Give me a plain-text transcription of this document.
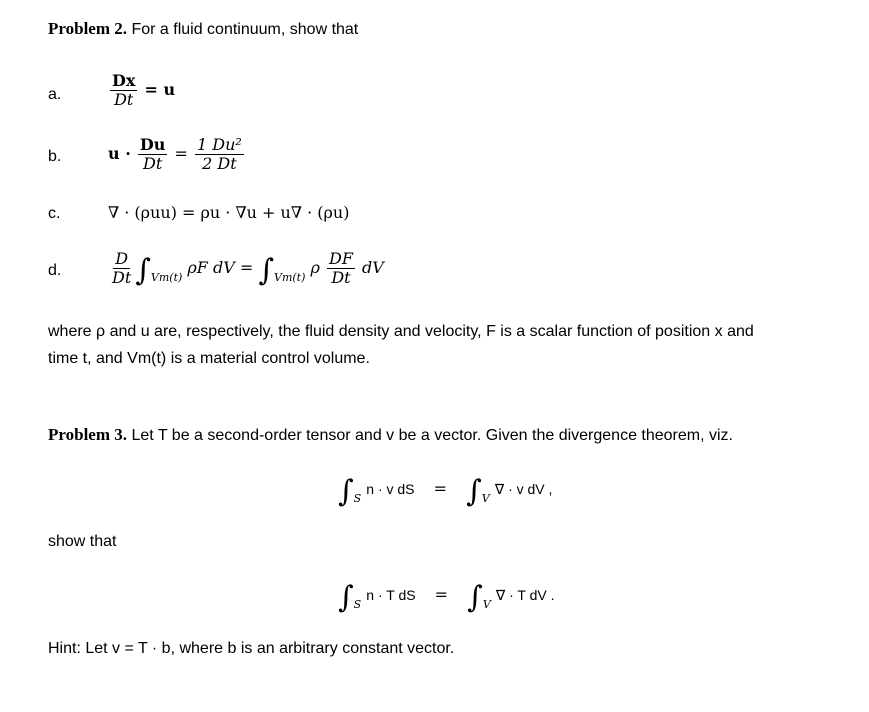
Problem 2. For a fluid continuum, show that
a.	$\frac{Dx}{Dt} = u$
b.	$u \cdot \frac{Du}{Dt} = \frac{\text{1 Du²}}{2 Dt}$
c.	∇ · (ρuu) = ρu · ∇u + u∇ · (ρu)
d.	$\frac{D}{Dt} \int_{Vm(t)}$ ρF dV = $\int_{Vm(t)}$ ρ $\frac{DF}{Dt}$ dV
where ρ and u are, respectively, the fluid density and velocity, F is a scalar function of position x and
time t, and Vm(t) is a material control volume.
Problem 3. Let T be a second-order tensor and v be a vector. Given the divergence theorem, viz.
$\int_S$ n · v dS = $\int_V$ ∇ · v dV ,
show that
$\int_S$ n · T dS = $\int_V$ ∇ · T dV .
Hint: Let v = T · b, where b is an arbitrary constant vector.
